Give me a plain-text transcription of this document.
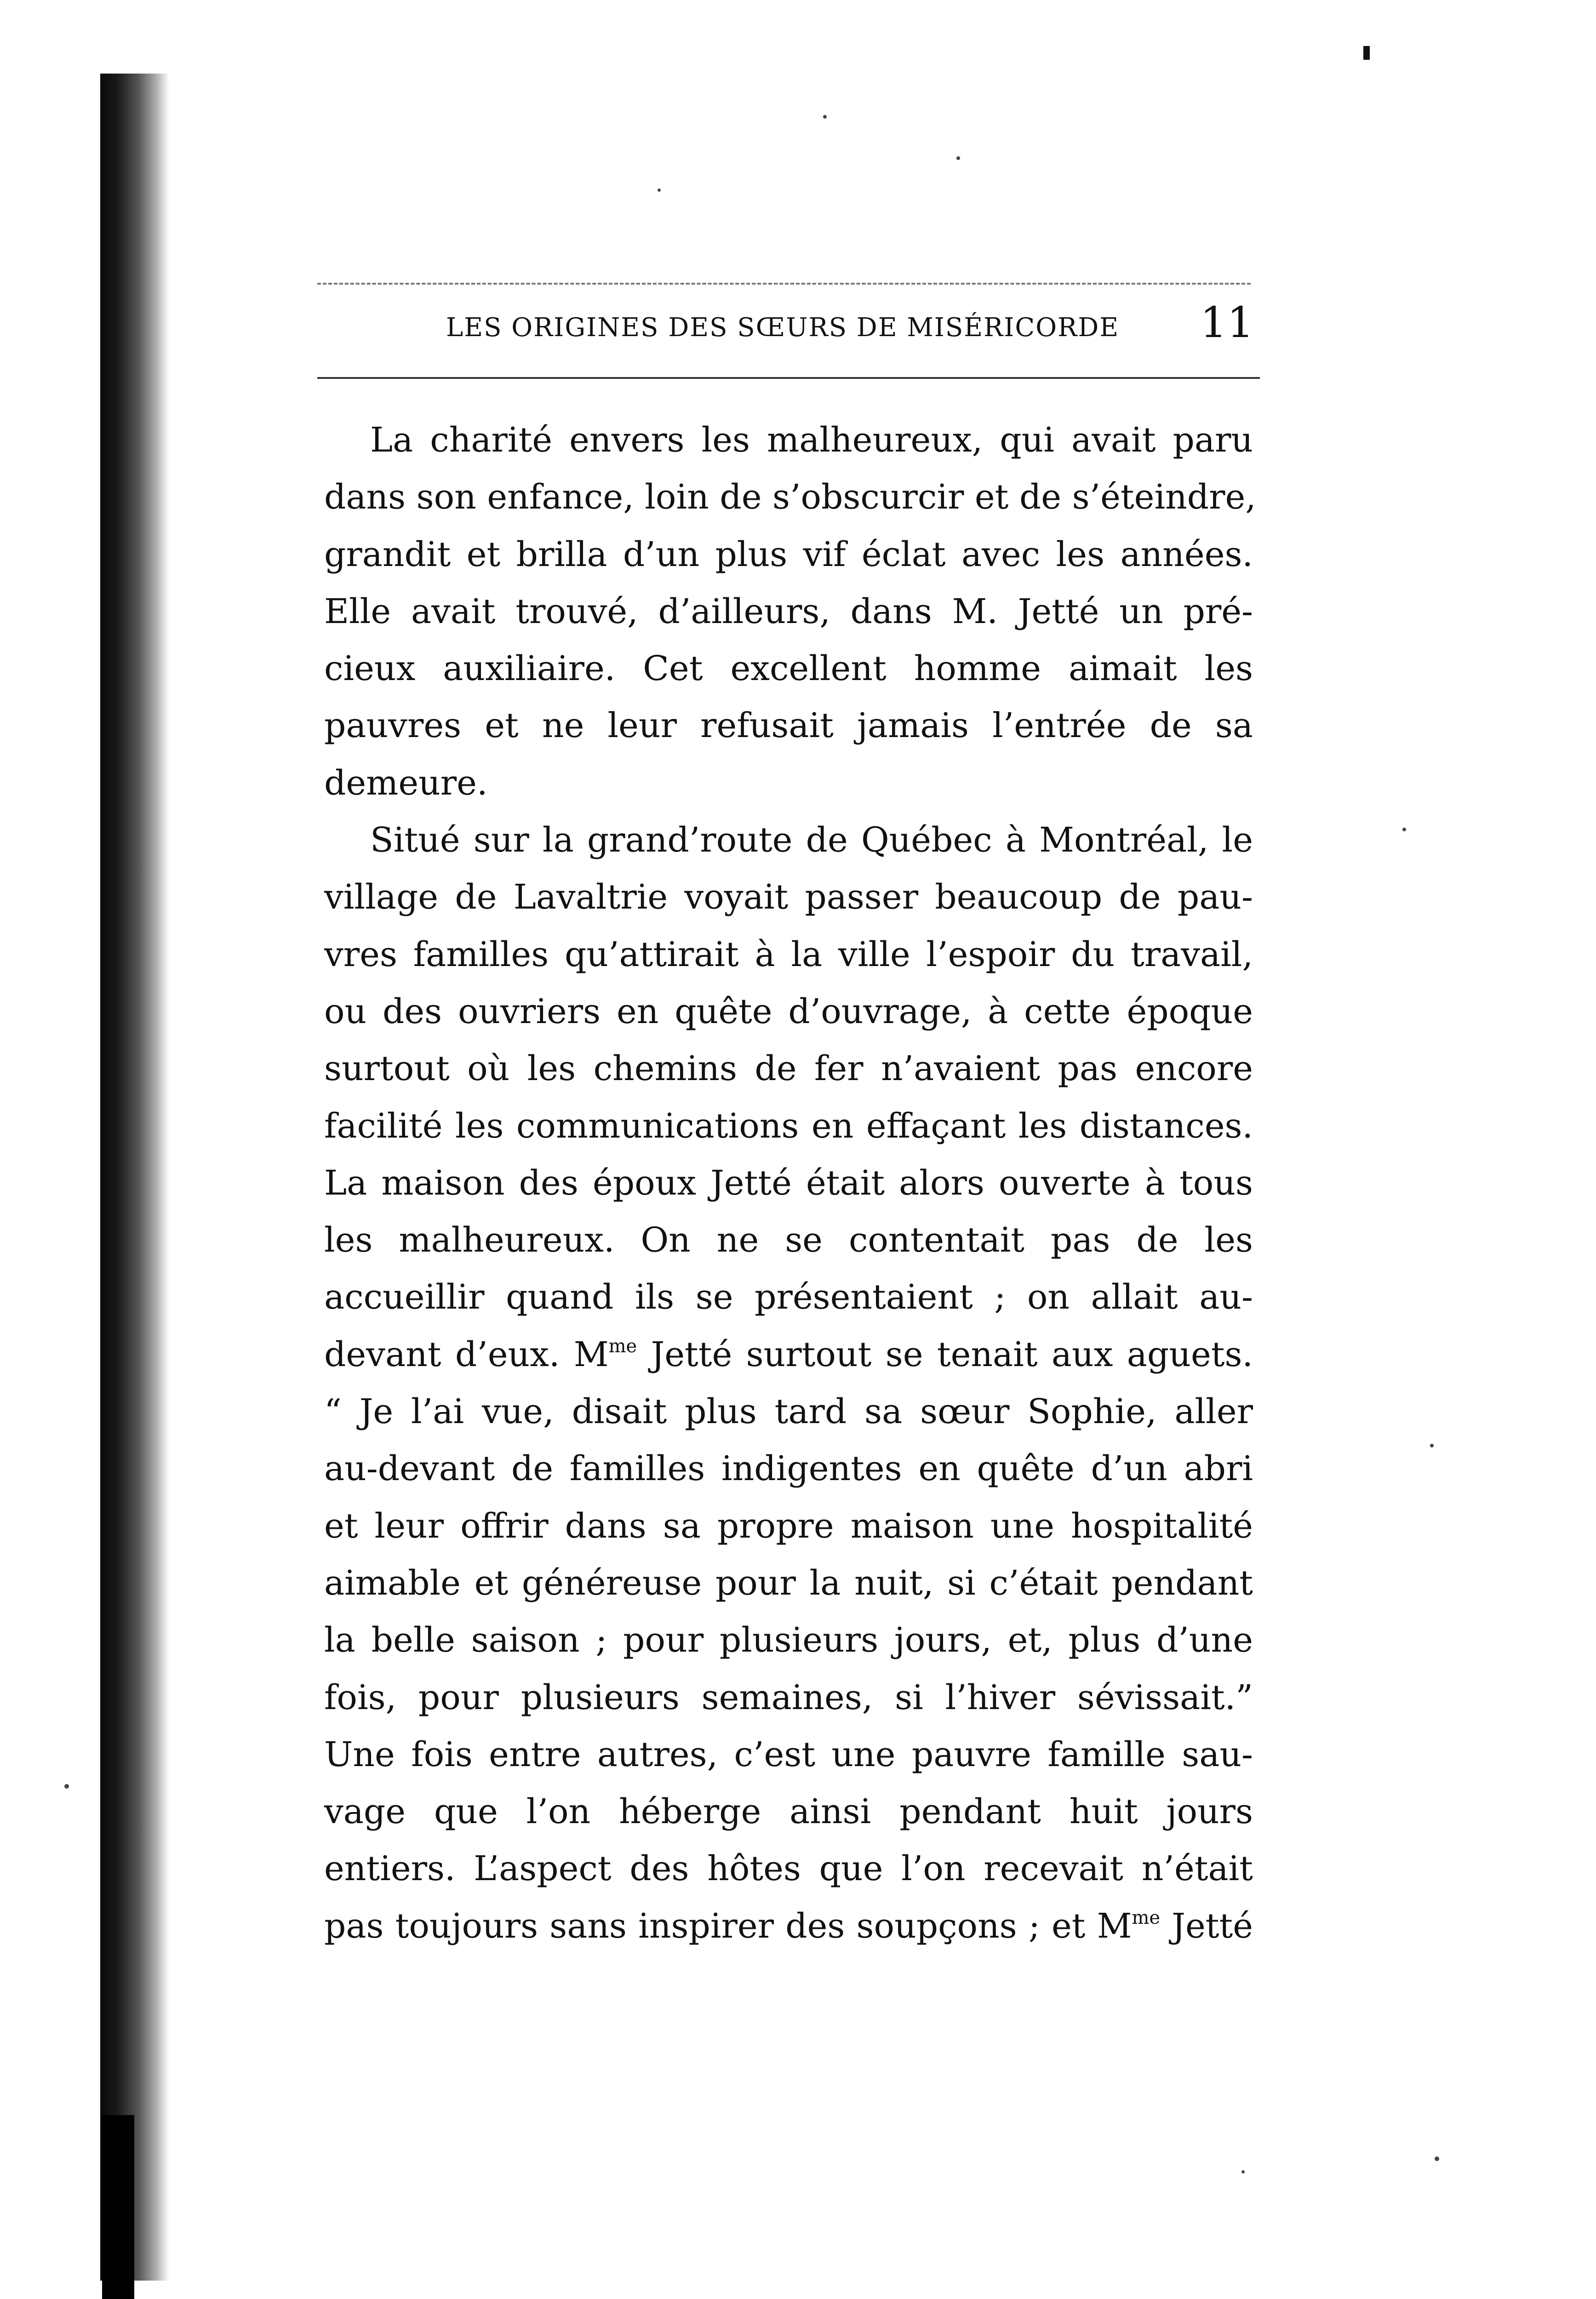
LES ORIGINES DES SŒURS DE MISÉRICORDE 11
La charité envers les malheureux, qui avait paru
dans son enfance, loin de s’obscurcir et de s’éteindre,
grandit et brilla d’un plus vif éclat avec les années.
Elle avait trouvé, d’ailleurs, dans M. Jetté un pré-
cieux auxiliaire. Cet excellent homme aimait les
pauvres et ne leur refusait jamais l’entrée de sa
demeure.
Situé sur la grand’route de Québec à Montréal, le
village de Lavaltrie voyait passer beaucoup de pau-
vres familles qu’attirait à la ville l’espoir du travail,
ou des ouvriers en quête d’ouvrage, à cette époque
surtout où les chemins de fer n’avaient pas encore
facilité les communications en effaçant les distances.
La maison des époux Jetté était alors ouverte à tous
les malheureux. On ne se contentait pas de les
accueillir quand ils se présentaient ; on allait au-
devant d’eux. $M^{me}$ Jetté surtout se tenait aux aguets.
“ Je l’ai vue, disait plus tard sa sœur Sophie, aller
au-devant de familles indigentes en quête d’un abri
et leur offrir dans sa propre maison une hospitalité
aimable et généreuse pour la nuit, si c’était pendant
la belle saison ; pour plusieurs jours, et, plus d’une
fois, pour plusieurs semaines, si l’hiver sévissait.”
Une fois entre autres, c’est une pauvre famille sau-
vage que l’on héberge ainsi pendant huit jours
entiers. L’aspect des hôtes que l’on recevait n’était
pas toujours sans inspirer des soupçons ; et $M^{me}$ Jetté
